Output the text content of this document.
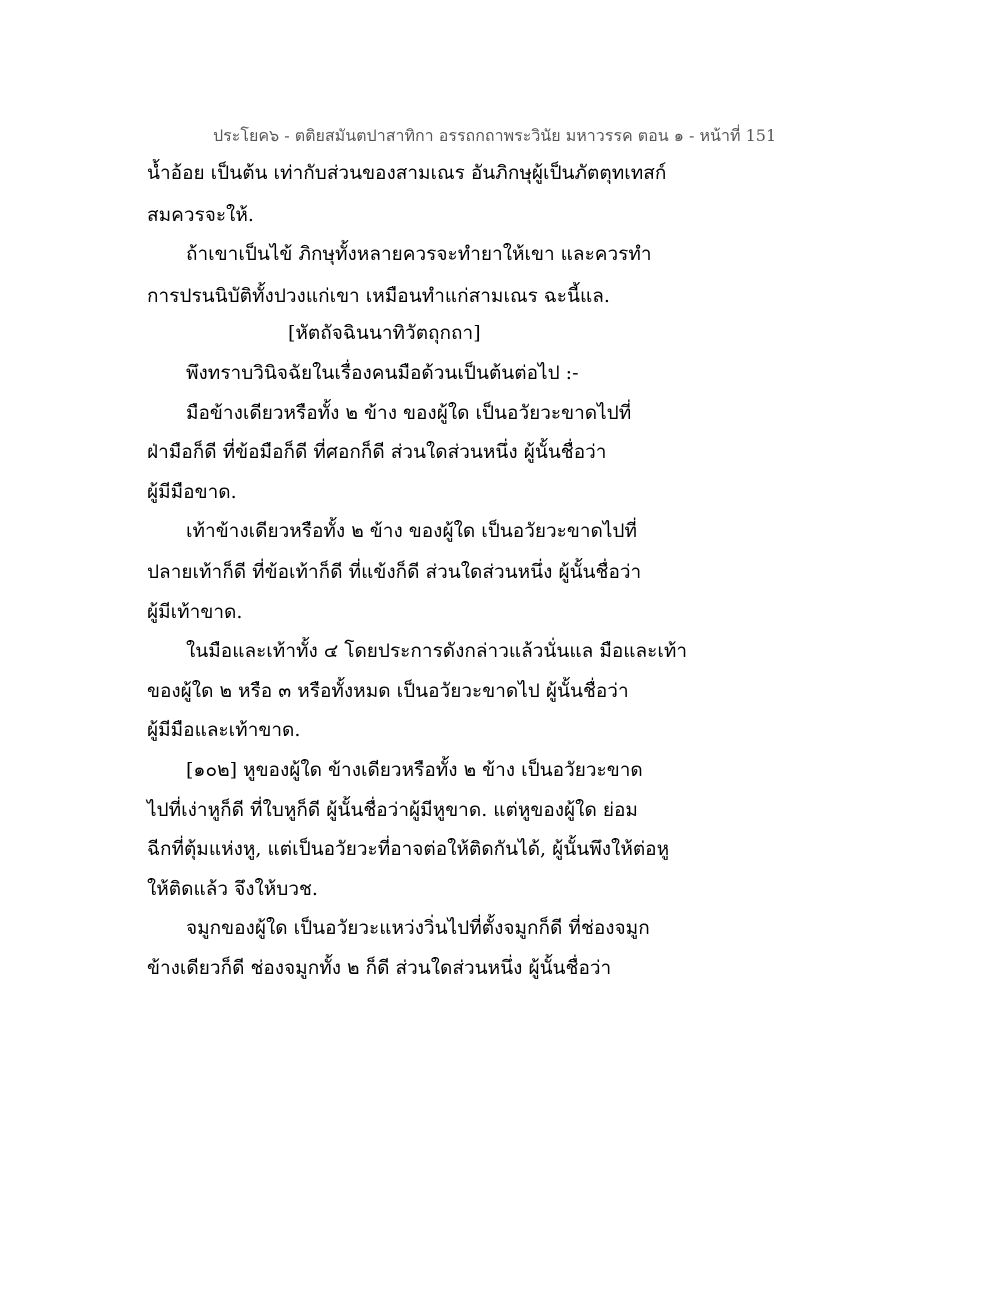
ประโยค๖ - ตติยสมันตปาสาทิกา อรรถกถาพระวินัย มหาวรรค ตอน ๑ - หน้าที่ 151
น้ำอ้อย เป็นต้น เท่ากับส่วนของสามเณร อันภิกษุผู้เป็นภัตตุทเทสก์
สมควรจะให้.
ถ้าเขาเป็นไข้ ภิกษุทั้งหลายควรจะทำยาให้เขา และควรทำ
การปรนนิบัติทั้งปวงแก่เขา เหมือนทำแก่สามเณร ฉะนี้แล.
[หัตถัจฉินนาทิวัตถุกถา]
พึงทราบวินิจฉัยในเรื่องคนมือด้วนเป็นต้นต่อไป :-
มือข้างเดียวหรือทั้ง ๒ ข้าง ของผู้ใด เป็นอวัยวะขาดไปที่
ฝ่ามือก็ดี ที่ข้อมือก็ดี ที่ศอกก็ดี ส่วนใดส่วนหนึ่ง ผู้นั้นชื่อว่า
ผู้มีมือขาด.
เท้าข้างเดียวหรือทั้ง ๒ ข้าง ของผู้ใด เป็นอวัยวะขาดไปที่
ปลายเท้าก็ดี ที่ข้อเท้าก็ดี ที่แข้งก็ดี ส่วนใดส่วนหนึ่ง ผู้นั้นชื่อว่า
ผู้มีเท้าขาด.
ในมือและเท้าทั้ง ๔ โดยประการดังกล่าวแล้วนั่นแล มือและเท้า
ของผู้ใด ๒ หรือ ๓ หรือทั้งหมด เป็นอวัยวะขาดไป ผู้นั้นชื่อว่า
ผู้มีมือและเท้าขาด.
[๑๐๒] หูของผู้ใด ข้างเดียวหรือทั้ง ๒ ข้าง เป็นอวัยวะขาด
ไปที่เง่าหูก็ดี ที่ใบหูก็ดี ผู้นั้นชื่อว่าผู้มีหูขาด. แต่หูของผู้ใด ย่อม
ฉีกที่ตุ้มแห่งหู, แต่เป็นอวัยวะที่อาจต่อให้ติดกันได้, ผู้นั้นพึงให้ต่อหู
ให้ติดแล้ว จึงให้บวช.
จมูกของผู้ใด เป็นอวัยวะแหว่งวิ่นไปที่ตั้งจมูกก็ดี ที่ช่องจมูก
ข้างเดียวก็ดี ช่องจมูกทั้ง ๒ ก็ดี ส่วนใดส่วนหนึ่ง ผู้นั้นชื่อว่า
